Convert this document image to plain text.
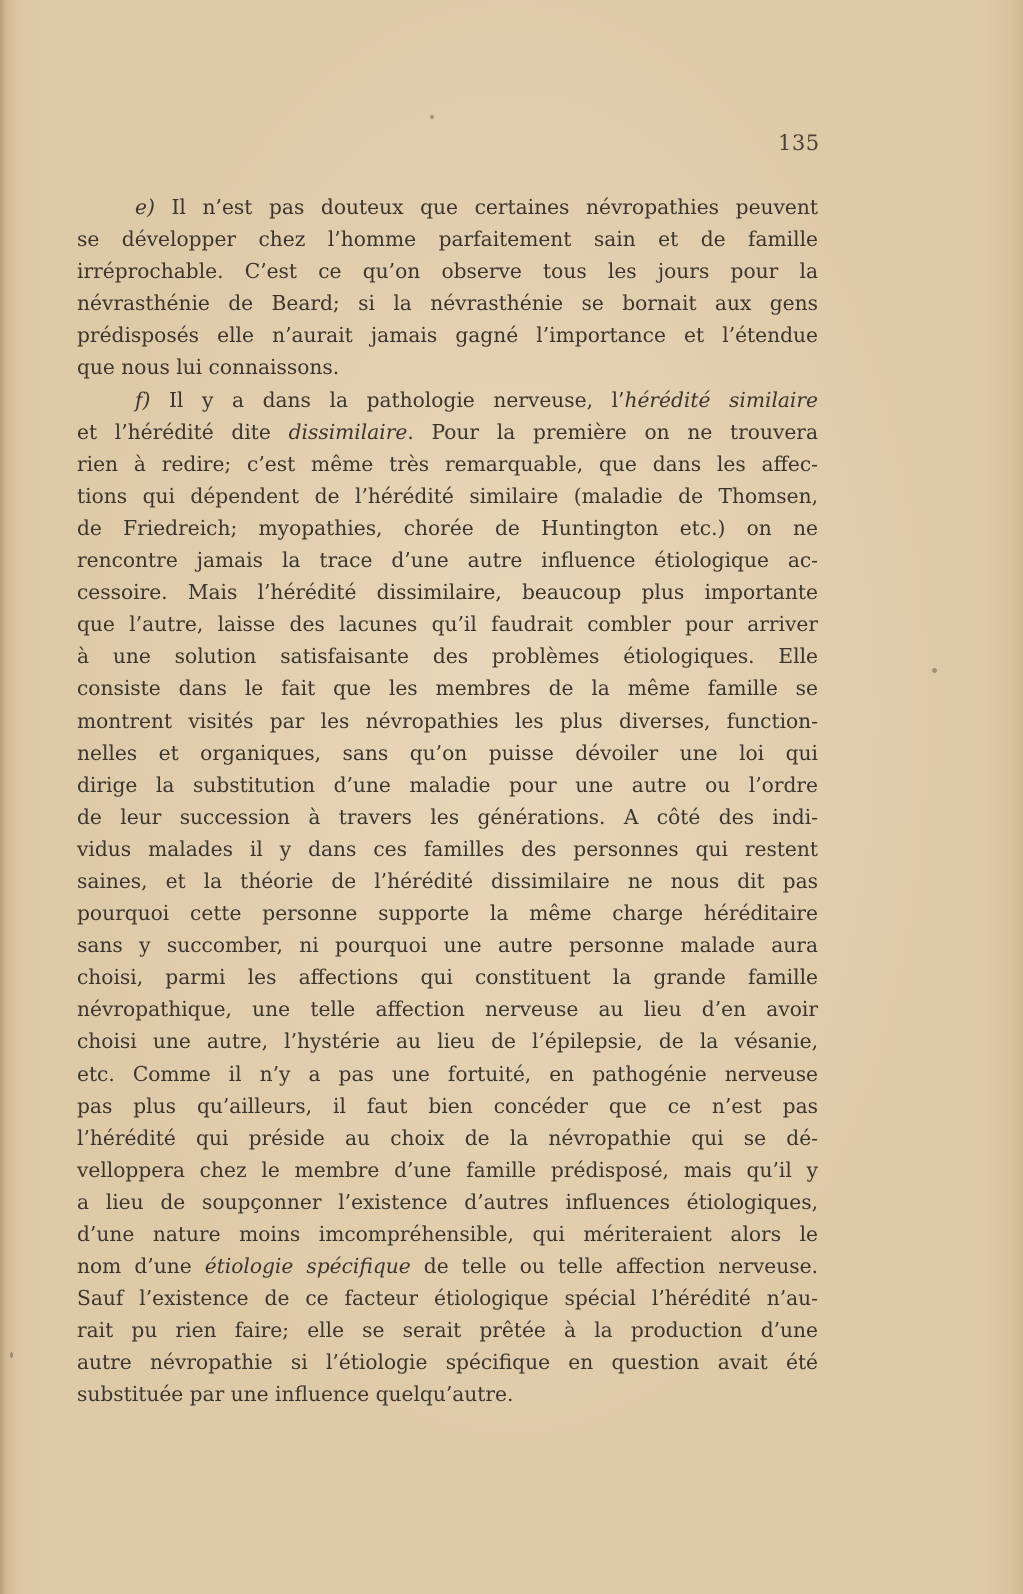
135
e) Il n’est pas douteux que certaines névropathies peuvent
se développer chez l’homme parfaitement sain et de famille
irréprochable. C’est ce qu’on observe tous les jours pour la
névrasthénie de Beard; si la névrasthénie se bornait aux gens
prédisposés elle n’aurait jamais gagné l’importance et l’étendue
que nous lui connaissons.
f) Il y a dans la pathologie nerveuse, l’hérédité similaire
et l’hérédité dite dissimilaire. Pour la première on ne trouvera
rien à redire; c’est même très remarquable, que dans les affec-
tions qui dépendent de l’hérédité similaire (maladie de Thomsen,
de Friedreich; myopathies, chorée de Huntington etc.) on ne
rencontre jamais la trace d’une autre influence étiologique ac-
cessoire. Mais l’hérédité dissimilaire, beaucoup plus importante
que l’autre, laisse des lacunes qu’il faudrait combler pour arriver
à une solution satisfaisante des problèmes étiologiques. Elle
consiste dans le fait que les membres de la même famille se
montrent visités par les névropathies les plus diverses, function-
nelles et organiques, sans qu’on puisse dévoiler une loi qui
dirige la substitution d’une maladie pour une autre ou l’ordre
de leur succession à travers les générations. A côté des indi-
vidus malades il y dans ces familles des personnes qui restent
saines, et la théorie de l’hérédité dissimilaire ne nous dit pas
pourquoi cette personne supporte la même charge héréditaire
sans y succomber, ni pourquoi une autre personne malade aura
choisi, parmi les affections qui constituent la grande famille
névropathique, une telle affection nerveuse au lieu d’en avoir
choisi une autre, l’hystérie au lieu de l’épilepsie, de la vésanie,
etc. Comme il n’y a pas une fortuité, en pathogénie nerveuse
pas plus qu’ailleurs, il faut bien concéder que ce n’est pas
l’hérédité qui préside au choix de la névropathie qui se dé-
velloppera chez le membre d’une famille prédisposé, mais qu’il y
a lieu de soupçonner l’existence d’autres influences étiologiques,
d’une nature moins imcompréhensible, qui mériteraient alors le
nom d’une étiologie spécifique de telle ou telle affection nerveuse.
Sauf l’existence de ce facteur étiologique spécial l’hérédité n’au-
rait pu rien faire; elle se serait prêtée à la production d’une
autre névropathie si l’étiologie spécifique en question avait été
substituée par une influence quelqu’autre.
